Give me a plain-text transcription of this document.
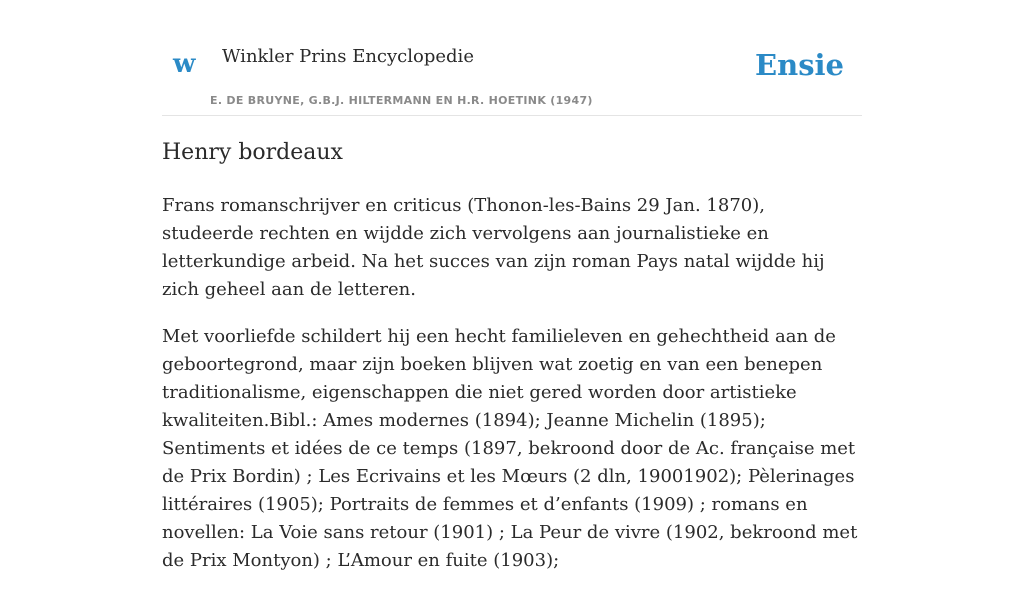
w Winkler Prins Encyclopedie
E. DE BRUYNE, G.B.J. HILTERMANN EN H.R. HOETINK (1947)
Ensie
Henry bordeaux

Frans romanschrijver en criticus (Thonon-les-Bains 29 Jan. 1870), studeerde rechten en wijdde zich vervolgens aan journalistieke en letterkundige arbeid. Na het succes van zijn roman Pays natal wijdde hij zich geheel aan de letteren.

Met voorliefde schildert hij een hecht familieleven en gehechtheid aan de geboortegrond, maar zijn boeken blijven wat zoetig en van een benepen traditionalisme, eigenschappen die niet gered worden door artistieke kwaliteiten.Bibl.: Ames modernes (1894); Jeanne Michelin (1895); Sentiments et idées de ce temps (1897, bekroond door de Ac. française met de Prix Bordin) ; Les Ecrivains et les Mœurs (2 dln, 19001902); Pèlerinages littéraires (1905); Portraits de femmes et d’enfants (1909) ; romans en novellen: La Voie sans retour (1901) ; La Peur de vivre (1902, bekroond met de Prix Montyon) ; L’Amour en fuite (1903);
